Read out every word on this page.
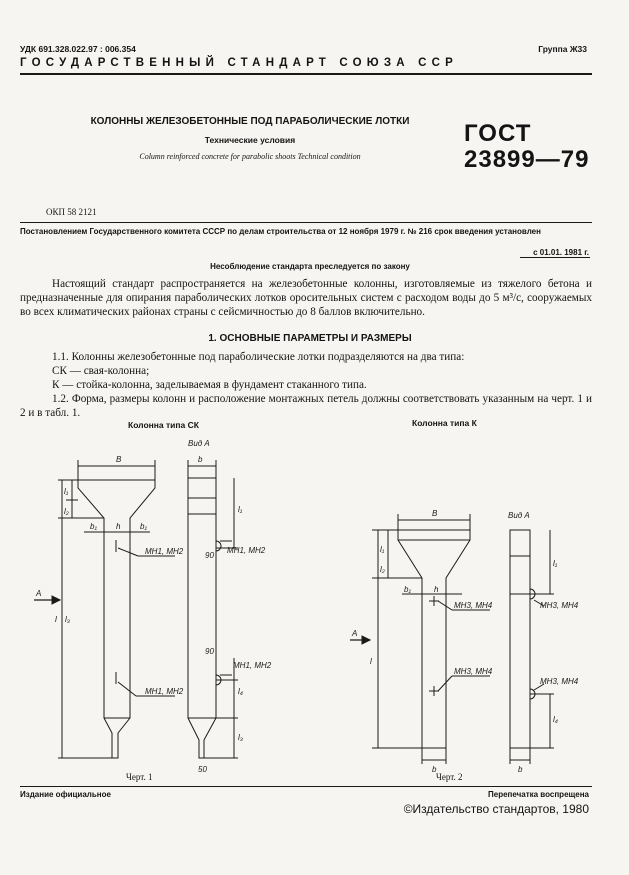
УДК 691.328.022.97 : 006.354	Группа Ж33
ГОСУДАРСТВЕННЫЙ СТАНДАРТ СОЮЗА ССР
КОЛОННЫ ЖЕЛЕЗОБЕТОННЫЕ ПОД ПАРАБОЛИЧЕСКИЕ ЛОТКИ
Технические условия
Column reinforced concrete for parabolic shoots Technical condition
ГОСТ
23899—79
ОКП 58 2121
Постановлением Государственного комитета СССР по делам строительства от 12 ноября 1979 г. № 216 срок введения установлен
с 01.01. 1981 г.
Несоблюдение стандарта преследуется по закону
Настоящий стандарт распространяется на железобетонные колонны, изготовляемые из тяжелого бетона и предназначенные для опирания параболических лотков оросительных систем с расходом воды до 5 м³/с, сооружаемых во всех климатических районах страны с сейсмичностью до 8 баллов включительно.
1. ОСНОВНЫЕ ПАРАМЕТРЫ И РАЗМЕРЫ
1.1. Колонны железобетонные под параболические лотки подразделяются на два типа:
СК — свая-колонна;
К — стойка-колонна, заделываемая в фундамент стаканного типа.
1.2. Форма, размеры колонн и расположение монтажных петель должны соответствовать указанным на черт. 1 и 2 и в табл. 1.
Колонна типа СК	Колонна типа К
B	b
Вид А
b₁ h b₁
l l₃
l₁
l₂
A
МН1, МН2
МН1, МН2
МН1, МН2
МН1, МН2
90
90
l₁
l₄
l₃
50
B	Вид А
b₁	h
l₁
l₂
A
l
МН3, МН4
МН3, МН4
b	b
МН3, МН4
МН3, МН4
l₁
l₄
Черт. 1	Черт. 2
Издание официальное	Перепечатка воспрещена
©Издательство стандартов, 1980
